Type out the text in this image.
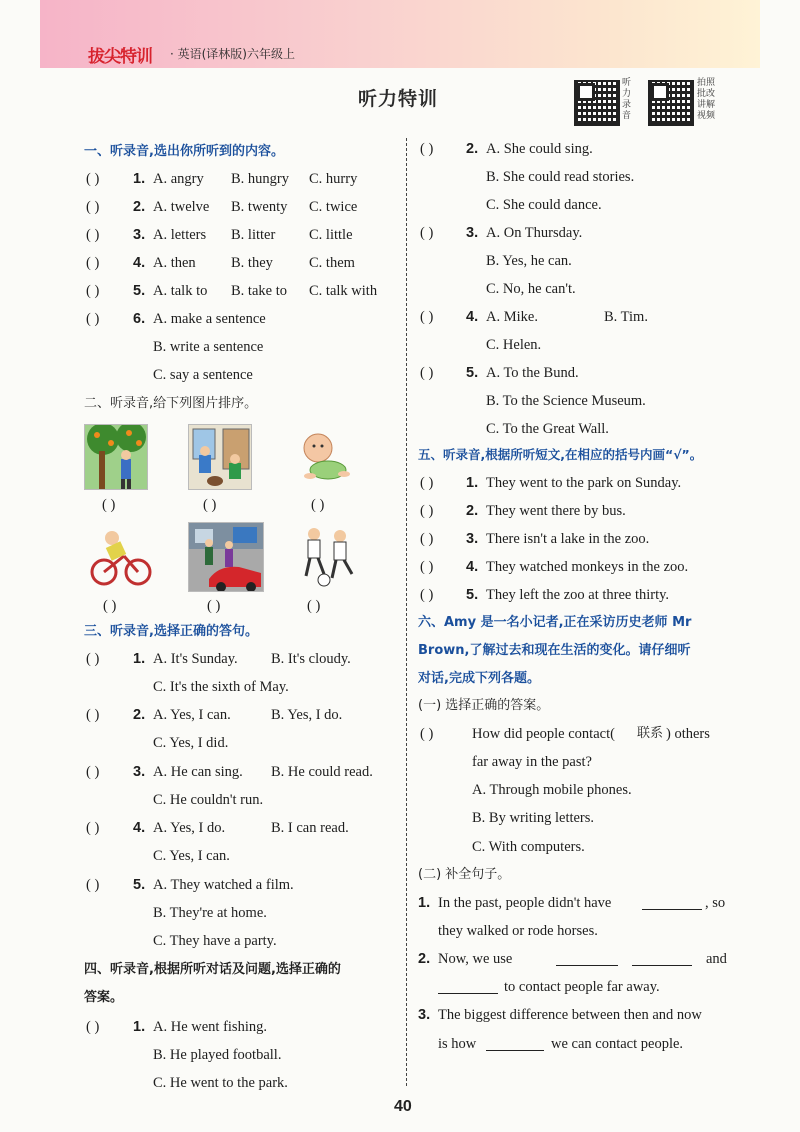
拔尖特训 · 英语(译林版)六年级上
听力特训
听力录音
拍照批改讲解视频
一、听录音,选出你所听到的内容。
( ) 1. A. angry B. hungry C. hurry
( ) 2. A. twelve B. twenty C. twice
( ) 3. A. letters B. litter C. little
( ) 4. A. then B. they C. them
( ) 5. A. talk to B. take to C. talk with
( ) 6. A. make a sentence
B. write a sentence
C. say a sentence
二、听录音,给下列图片排序。
( )	( )	( )
( )	( )	( )
三、听录音,选择正确的答句。
( ) 1. A. It's Sunday. B. It's cloudy.
C. It's the sixth of May.
( ) 2. A. Yes, I can.	B. Yes, I do.
C. Yes, I did.
( ) 3. A. He can sing. B. He could read.
C. He couldn't run.
( ) 4. A. Yes, I do.	B. I can read.
C. Yes, I can.
( ) 5. A. They watched a film.
B. They're at home.
C. They have a party.
四、听录音,根据所听对话及问题,选择正确的
答案。
( ) 1. A. He went fishing.
B. He played football.
C. He went to the park.
( ) 2. A. She could sing.
B. She could read stories.
C. She could dance.
( ) 3. A. On Thursday.
B. Yes, he can.
C. No, he can't.
( ) 4. A. Mike.	B. Tim.
C. Helen.
( ) 5. A. To the Bund.
B. To the Science Museum.
C. To the Great Wall.
五、听录音,根据所听短文,在相应的括号内画“√”。
( ) 1. They went to the park on Sunday.
( ) 2. They went there by bus.
( ) 3. There isn't a lake in the zoo.
( ) 4. They watched monkeys in the zoo.
( ) 5. They left the zoo at three thirty.
六、Amy 是一名小记者,正在采访历史老师 Mr
Brown,了解过去和现在生活的变化。请仔细听
对话,完成下列各题。
(一) 选择正确的答案。
( )	How did people contact( 联系 ) others
far away in the past?
A. Through mobile phones.
B. By writing letters.
C. With computers.
(二) 补全句子。
1. In the past, people didn't have	, so
they walked or rode horses.
2. Now, we use	and
to contact people far away.
3. The biggest difference between then and now
is how	we can contact people.
40
